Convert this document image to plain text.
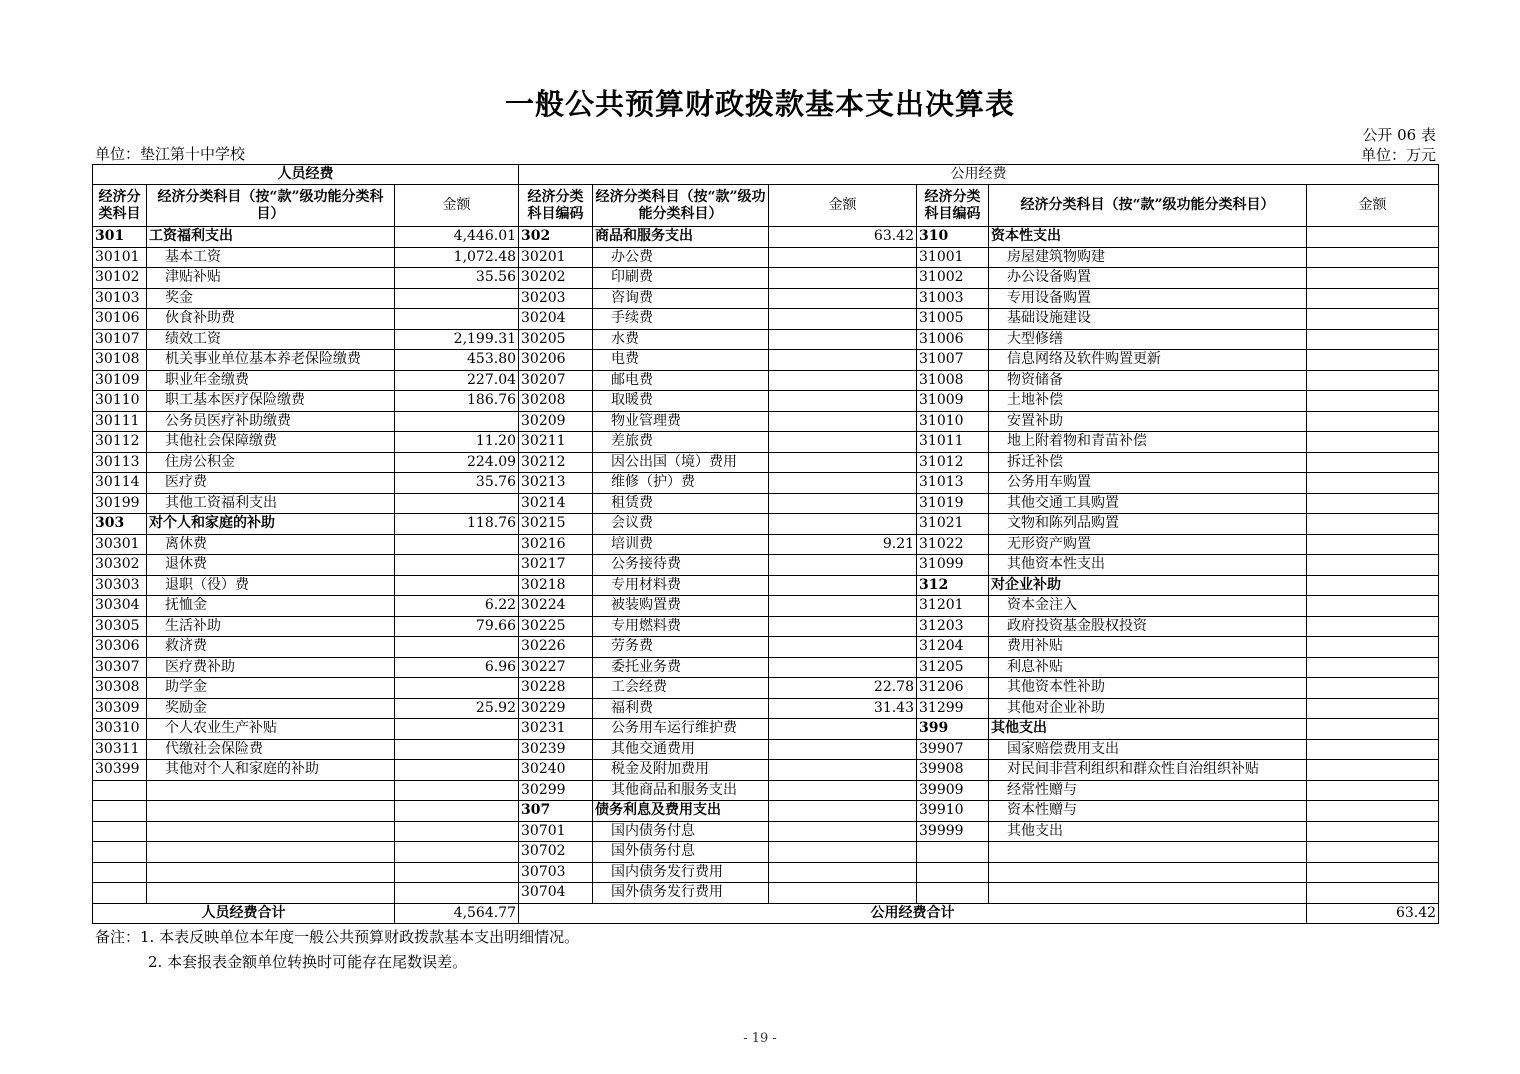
一般公共预算财政拨款基本支出决算表
公开 06 表
单位：垫江第十中学校	单位：万元
人员经费			公用经费					
经济分类科目	经济分类科目（按“款”级功能分类科目）	金额	经济分类科目编码	经济分类科目（按“款”级功能分类科目）	金额	经济分类科目编码	经济分类科目（按“款”级功能分类科目）	金额
301	工资福利支出	4,446.01	302	商品和服务支出	63.42	310	资本性支出	
30101	基本工资	1,072.48	30201	办公费		31001	房屋建筑物购建	
30102	津贴补贴	35.56	30202	印刷费		31002	办公设备购置	
30103	奖金		30203	咨询费		31003	专用设备购置	
30106	伙食补助费		30204	手续费		31005	基础设施建设	
30107	绩效工资	2,199.31	30205	水费		31006	大型修缮	
30108	机关事业单位基本养老保险缴费	453.80	30206	电费		31007	信息网络及软件购置更新	
30109	职业年金缴费	227.04	30207	邮电费		31008	物资储备	
30110	职工基本医疗保险缴费	186.76	30208	取暖费		31009	土地补偿	
30111	公务员医疗补助缴费		30209	物业管理费		31010	安置补助	
30112	其他社会保障缴费	11.20	30211	差旅费		31011	地上附着物和青苗补偿	
30113	住房公积金	224.09	30212	因公出国（境）费用		31012	拆迁补偿	
30114	医疗费	35.76	30213	维修（护）费		31013	公务用车购置	
30199	其他工资福利支出		30214	租赁费		31019	其他交通工具购置	
303	对个人和家庭的补助	118.76	30215	会议费		31021	文物和陈列品购置	
30301	离休费		30216	培训费	9.21	31022	无形资产购置	
30302	退休费		30217	公务接待费		31099	其他资本性支出	
30303	退职（役）费		30218	专用材料费		312	对企业补助	
30304	抚恤金	6.22	30224	被装购置费		31201	资本金注入	
30305	生活补助	79.66	30225	专用燃料费		31203	政府投资基金股权投资	
30306	救济费		30226	劳务费		31204	费用补贴	
30307	医疗费补助	6.96	30227	委托业务费		31205	利息补贴	
30308	助学金		30228	工会经费	22.78	31206	其他资本性补助	
30309	奖励金	25.92	30229	福利费	31.43	31299	其他对企业补助	
30310	个人农业生产补贴		30231	公务用车运行维护费		399	其他支出	
30311	代缴社会保险费		30239	其他交通费用		39907	国家赔偿费用支出	
30399	其他对个人和家庭的补助		30240	税金及附加费用		39908	对民间非营利组织和群众性自治组织补贴	
			30299	其他商品和服务支出		39909	经常性赠与	
			307	债务利息及费用支出		39910	资本性赠与	
			30701	国内债务付息		39999	其他支出	
			30702	国外债务付息				
			30703	国内债务发行费用				
			30704	国外债务发行费用				
人员经费合计		4,564.77	公用经费合计					63.42
备注：1. 本表反映单位本年度一般公共预算财政拨款基本支出明细情况。
2. 本套报表金额单位转换时可能存在尾数误差。
- 19 -
